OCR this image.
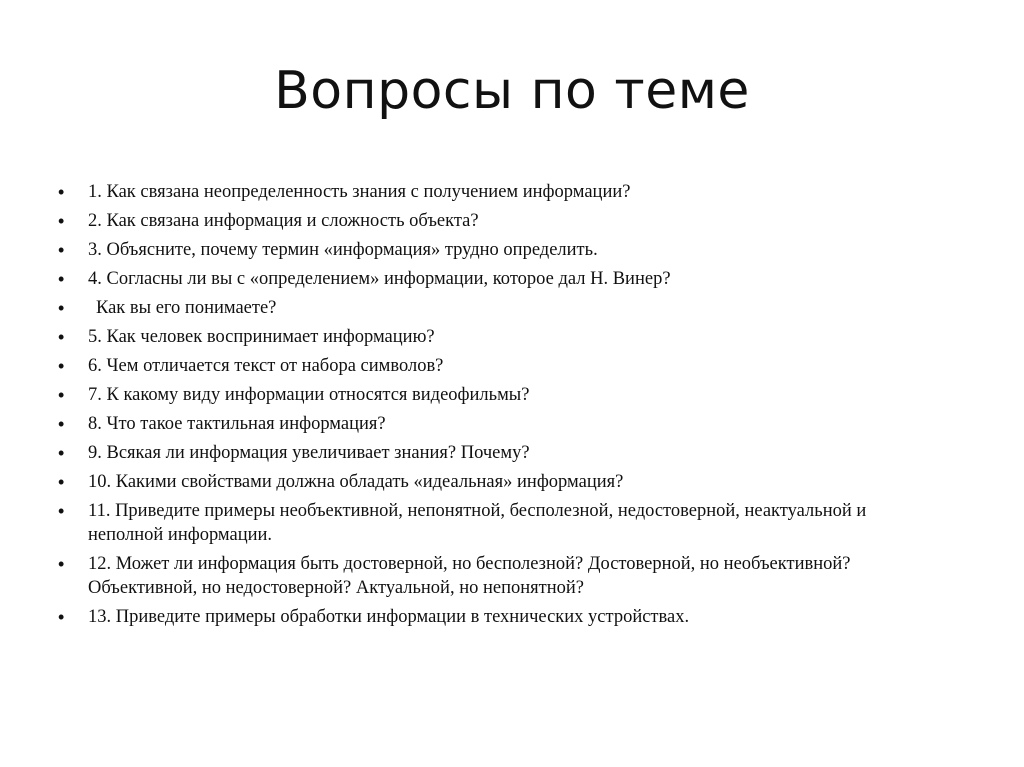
Вопросы по теме
• 1. Как связана неопределенность знания с получением информации?
• 2. Как связана информация и сложность объекта?
• 3. Объясните, почему термин «информация» трудно определить.
• 4. Согласны ли вы с «определением» информации, которое дал Н. Винер?
• Как вы его понимаете?
• 5. Как человек воспринимает информацию?
• 6. Чем отличается текст от набора символов?
• 7. К какому виду информации относятся видеофильмы?
• 8. Что такое тактильная информация?
• 9. Всякая ли информация увеличивает знания? Почему?
• 10. Какими свойствами должна обладать «идеальная» информация?
• 11. Приведите примеры необъективной, непонятной, бесполезной, недостоверной, неактуальной и неполной информации.
• 12. Может ли информация быть достоверной, но бесполезной? Достоверной, но необъективной? Объективной, но недостоверной? Актуальной, но непонятной?
• 13. Приведите примеры обработки информации в технических устройствах.
